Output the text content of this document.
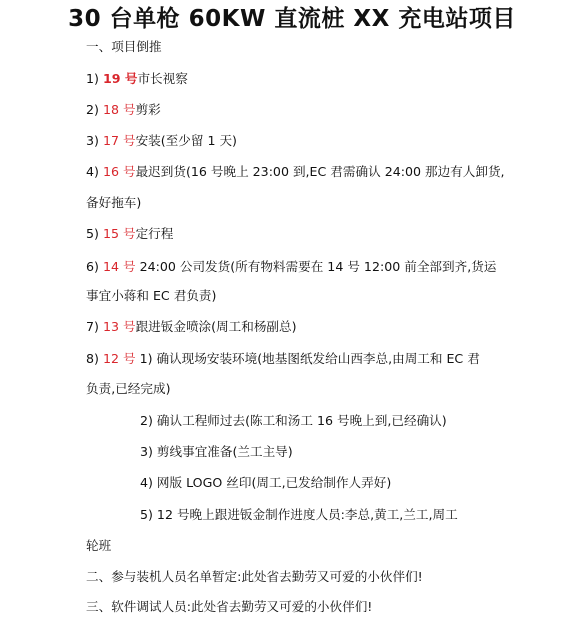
30 台单枪 60KW 直流桩 XX 充电站项目
一、项目倒推
1) 19 号市长视察
2) 18 号剪彩
3) 17 号安装(至少留 1 天)
4) 16 号最迟到货(16 号晚上 23:00 到,EC 君需确认 24:00 那边有人卸货,
备好拖车)
5) 15 号定行程
6) 14 号 24:00 公司发货(所有物料需要在 14 号 12:00 前全部到齐,货运
事宜小蒋和 EC 君负责)
7) 13 号跟进钣金喷涂(周工和杨副总)
8) 12 号 1) 确认现场安装环境(地基图纸发给山西李总,由周工和 EC 君
负责,已经完成)
2) 确认工程师过去(陈工和汤工 16 号晚上到,已经确认)
3) 剪线事宜准备(兰工主导)
4) 网版 LOGO 丝印(周工,已发给制作人弄好)
5) 12 号晚上跟进钣金制作进度人员:李总,黄工,兰工,周工
轮班
二、参与装机人员名单暂定:此处省去勤劳又可爱的小伙伴们!
三、软件调试人员:此处省去勤劳又可爱的小伙伴们!
